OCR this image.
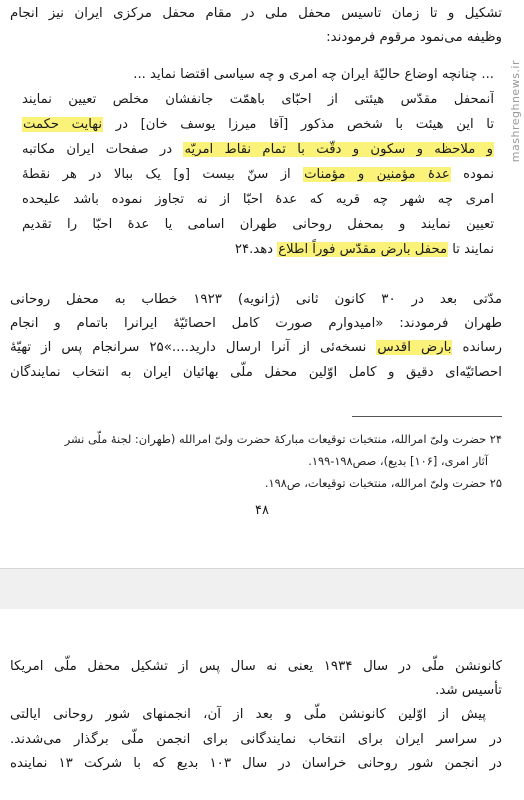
تشکیل و تا زمان تاسیس محفل ملی در مقام محفل مرکزی ایران نیز انجام
وظیفه می‌نمود مرقوم فرمودند:
... چنانچه اوضاع حالیّهٔ ایران چه امری و چه سیاسی اقتضا نماید ...
آنمحفل مقدّس هیئتی از احبّای باهمّت جانفشان مخلص تعیین نمایند
تا این هیئت با شخص مذکور [آقا میرزا یوسف خان] در نهایت حکمت
و ملاحظه و سکون و دقّت با تمام نقاط امریّه در صفحات ایران مکاتبه
نموده عدهٔ مؤمنین و مؤمنات از سنّ بیست [و] یک ببالا در هر نقطهٔ
امری چه شهر چه قریه که عدهٔ احبّا از نه تجاوز نموده باشد علیحده
تعیین نمایند و بمحفل روحانی طهران اسامی یا عدهٔ احبّا را تقدیم
نمایند تا محفل بارض مقدّس فوراً اطلاع دهد.۲۴
مدّتی بعد در ۳۰ کانون ثانی (ژانویه) ۱۹۲۳ خطاب به محفل روحانی
طهران فرمودند: «امیدوارم صورت کامل احصائیّهٔ ایرانرا باتمام و انجام
رسانده بارض اقدس نسخه‌ئی از آنرا ارسال دارید....»۲۵ سرانجام پس از تهیّهٔ
احصائیّه‌ای دقیق و کامل اوّلین محفل ملّی بهائیان ایران به انتخاب نمایندگان
۲۴ حضرت ولیّ امرالله، منتخبات توقیعات مبارکهٔ حضرت ولیّ امرالله (طهران: لجنهٔ ملّی نشر
آثار امری، [۱۰۶] بدیع)، صص۱۹۸-۱۹۹.
۲۵ حضرت ولیّ امرالله، منتخبات توقیعات، ص۱۹۸.
۴۸
کانونشن ملّی در سال ۱۹۳۴ یعنی نه سال پس از تشکیل محفل ملّی امریکا
تأسیس شد.
پیش از اوّلین کانونشن ملّی و بعد از آن، انجمنهای شور روحانی ایالتی
در سراسر ایران برای انتخاب نمایندگانی برای انجمن ملّی برگذار می‌شدند.
در انجمن شور روحانی خراسان در سال ۱۰۳ بدیع که با شرکت ۱۳ نماینده
mashreghnews.ir
